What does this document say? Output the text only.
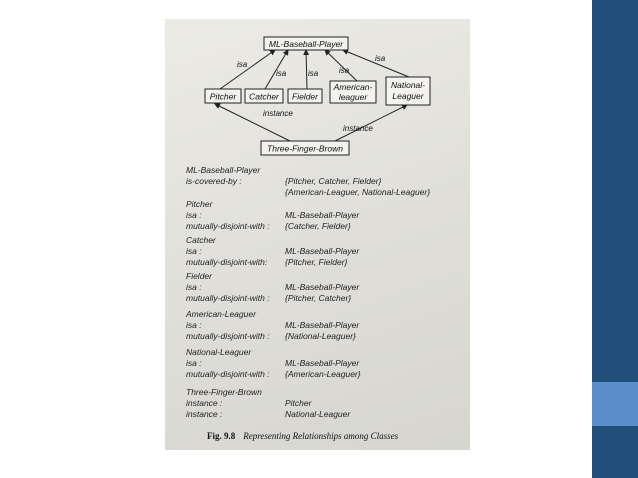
ML-Baseball-Player
Pitcher Catcher Fielder
American-
leaguer
National-
Leaguer
Three-Finger-Brown
isa
isa	isa	isa
isa
instance
instance
ML-Baseball-Player
is-covered-by :	{Pitcher, Catcher, Fielder}
{American-Leaguer, National-Leaguer}
Pitcher
isa :	ML-Baseball-Player
mutually-disjoint-with : {Catcher, Fielder}
Catcher
isa :	ML-Baseball-Player
mutually-disjoint-with: {Pitcher, Fielder}
Fielder
isa :	ML-Baseball-Player
mutually-disjoint-with : {Pitcher, Catcher}
American-Leaguer
isa :	ML-Baseball-Player
mutually-disjoint-with : {National-Leaguer}
National-Leaguer
isa :	ML-Baseball-Player
mutually-disjoint-with : {American-Leaguer}
Three-Finger-Brown
instance :	Pitcher
instance :	National-Leaguer
Fig. 9.8 Representing Relationships among Classes
